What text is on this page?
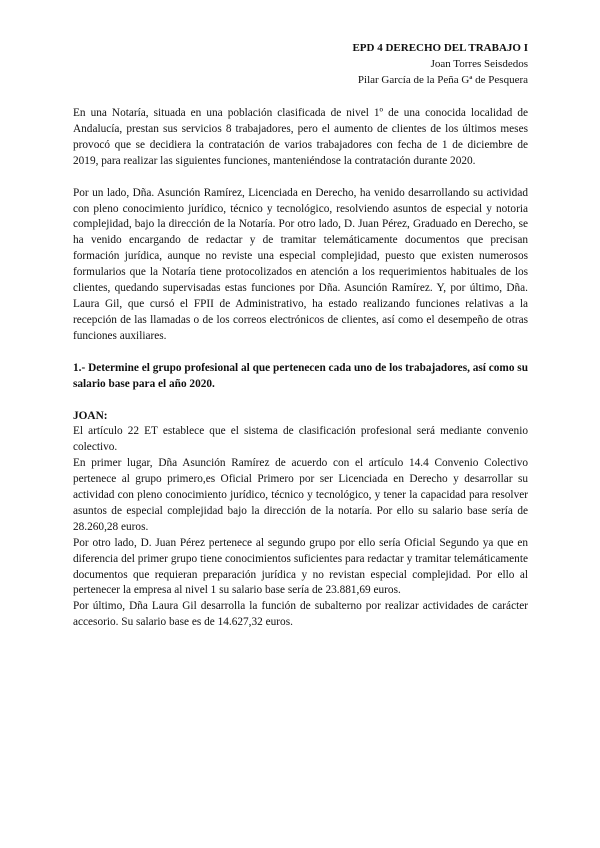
EPD 4 DERECHO DEL TRABAJO I
Joan Torres Seisdedos
Pilar García de la Peña Gª de Pesquera

En una Notaría, situada en una población clasificada de nivel 1º de una conocida localidad de Andalucía, prestan sus servicios 8 trabajadores, pero el aumento de clientes de los últimos meses provocó que se decidiera la contratación de varios trabajadores con fecha de 1 de diciembre de 2019, para realizar las siguientes funciones, manteniéndose la contratación durante 2020.

Por un lado, Dña. Asunción Ramírez, Licenciada en Derecho, ha venido desarrollando su actividad con pleno conocimiento jurídico, técnico y tecnológico, resolviendo asuntos de especial y notoria complejidad, bajo la dirección de la Notaría. Por otro lado, D. Juan Pérez, Graduado en Derecho, se ha venido encargando de redactar y de tramitar telemáticamente documentos que precisan formación jurídica, aunque no reviste una especial complejidad, puesto que existen numerosos formularios que la Notaría tiene protocolizados en atención a los requerimientos habituales de los clientes, quedando supervisadas estas funciones por Dña. Asunción Ramírez. Y, por último, Dña. Laura Gil, que cursó el FPII de Administrativo, ha estado realizando funciones relativas a la recepción de las llamadas o de los correos electrónicos de clientes, así como el desempeño de otras funciones auxiliares.

1.- Determine el grupo profesional al que pertenecen cada uno de los trabajadores, así como su salario base para el año 2020.

JOAN:

El artículo 22 ET establece que el sistema de clasificación profesional será mediante convenio colectivo.

En primer lugar, Dña Asunción Ramírez de acuerdo con el artículo 14.4 Convenio Colectivo pertenece al grupo primero,es Oficial Primero por ser Licenciada en Derecho y desarrollar su actividad con pleno conocimiento jurídico, técnico y tecnológico, y tener la capacidad para resolver asuntos de especial complejidad bajo la dirección de la notaría. Por ello su salario base sería de 28.260,28 euros.

Por otro lado, D. Juan Pérez pertenece al segundo grupo por ello sería Oficial Segundo ya que en diferencia del primer grupo tiene conocimientos suficientes para redactar y tramitar telemáticamente documentos que requieran preparación jurídica y no revistan especial complejidad. Por ello al pertenecer la empresa al nivel 1 su salario base sería de 23.881,69 euros.

Por último, Dña Laura Gil desarrolla la función de subalterno por realizar actividades de carácter accesorio. Su salario base es de 14.627,32 euros.
